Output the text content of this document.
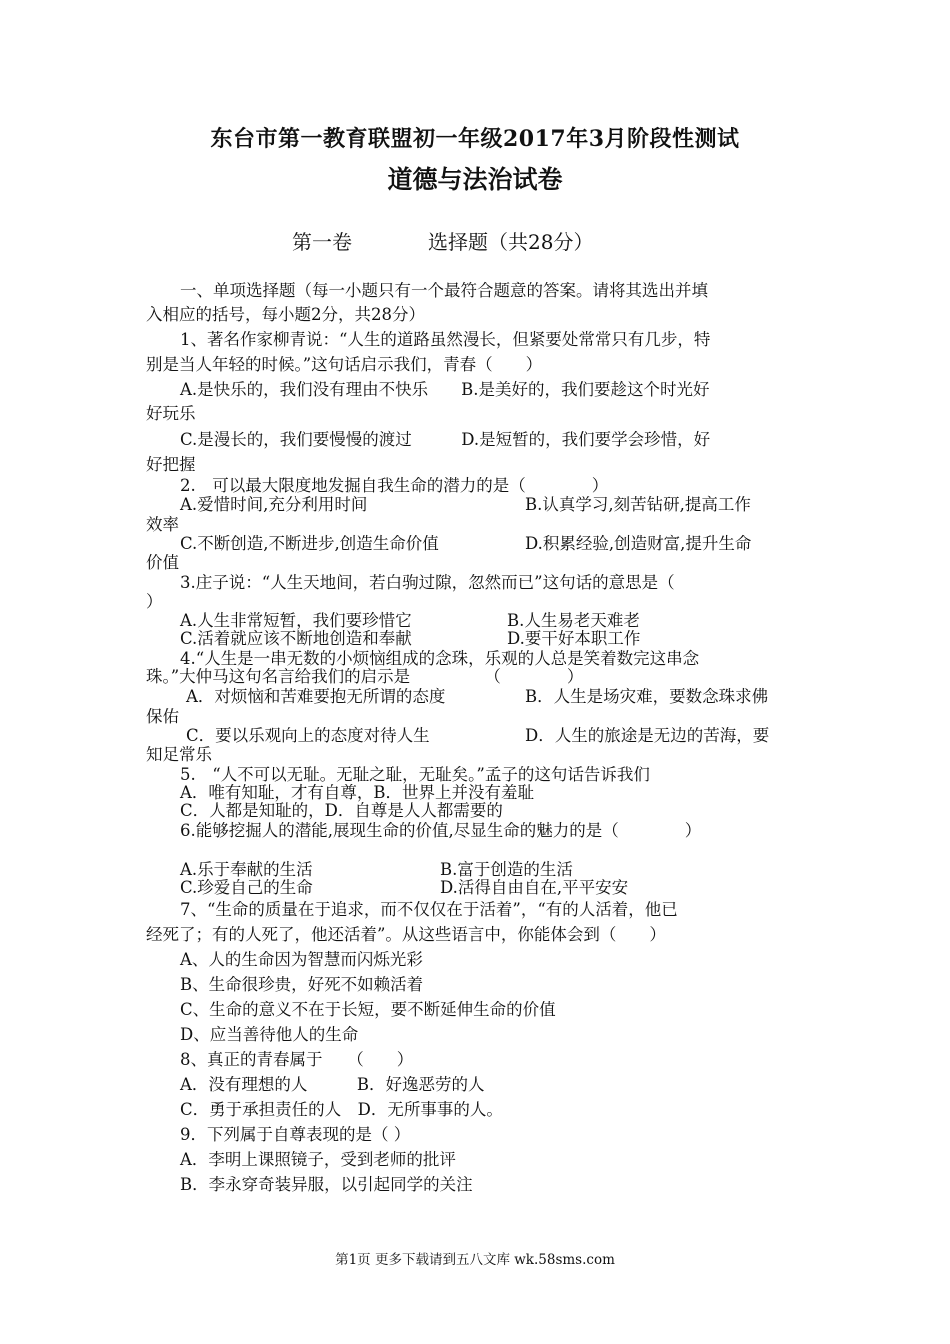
东台市第一教育联盟初一年级2017年3月阶段性测试
道德与法治试卷
第一卷	选择题（共28分）
一、单项选择题（每一小题只有一个最符合题意的答案。请将其选出并填
入相应的括号，每小题2分，共28分）
1、著名作家柳青说：“人生的道路虽然漫长，但紧要处常常只有几步，特
别是当人年轻的时候。”这句话启示我们，青春（　　）
A.是快乐的，我们没有理由不快乐　　B.是美好的，我们要趁这个时光好
好玩乐
C.是漫长的，我们要慢慢的渡过　　　D.是短暂的，我们要学会珍惜，好
好把握
2.　可以最大限度地发掘自我生命的潜力的是（　　　　）
A.爱惜时间,充分利用时间	B.认真学习,刻苦钻研,提高工作
效率
C.不断创造,不断进步,创造生命价值	D.积累经验,创造财富,提升生命
价值
3.庄子说：“人生天地间，若白驹过隙，忽然而已”这句话的意思是（
）
A.人生非常短暂，我们要珍惜它	B.人生易老天难老
C.活着就应该不断地创造和奉献	D.要干好本职工作
4.“人生是一串无数的小烦恼组成的念珠，乐观的人总是笑着数完这串念
珠。”大仲马这句名言给我们的启示是　　　　　（　　　　）
A．对烦恼和苦难要抱无所谓的态度	B．人生是场灾难，要数念珠求佛
保佑
C．要以乐观向上的态度对待人生	D．人生的旅途是无边的苦海，要
知足常乐
5.　“人不可以无耻。无耻之耻，无耻矣。”孟子的这句话告诉我们
A．唯有知耻，才有自尊，B．世界上并没有羞耻
C．人都是知耻的，D．自尊是人人都需要的
6.能够挖掘人的潜能,展现生命的价值,尽显生命的魅力的是（　　　　）
A.乐于奉献的生活	B.富于创造的生活
C.珍爱自己的生命	D.活得自由自在,平平安安
7、“生命的质量在于追求，而不仅仅在于活着”，“有的人活着，他已
经死了；有的人死了，他还活着”。从这些语言中，你能体会到（　　）
A、人的生命因为智慧而闪烁光彩
B、生命很珍贵，好死不如赖活着
C、生命的意义不在于长短，要不断延伸生命的价值
D、应当善待他人的生命
8、真正的青春属于　　（　　）
A．没有理想的人　　　B．好逸恶劳的人
C．勇于承担责任的人　D．无所事事的人。
9．下列属于自尊表现的是（ ）
A．李明上课照镜子，受到老师的批评
B．李永穿奇装异服，以引起同学的关注
第1页 更多下载请到五八文库 wk.58sms.com
